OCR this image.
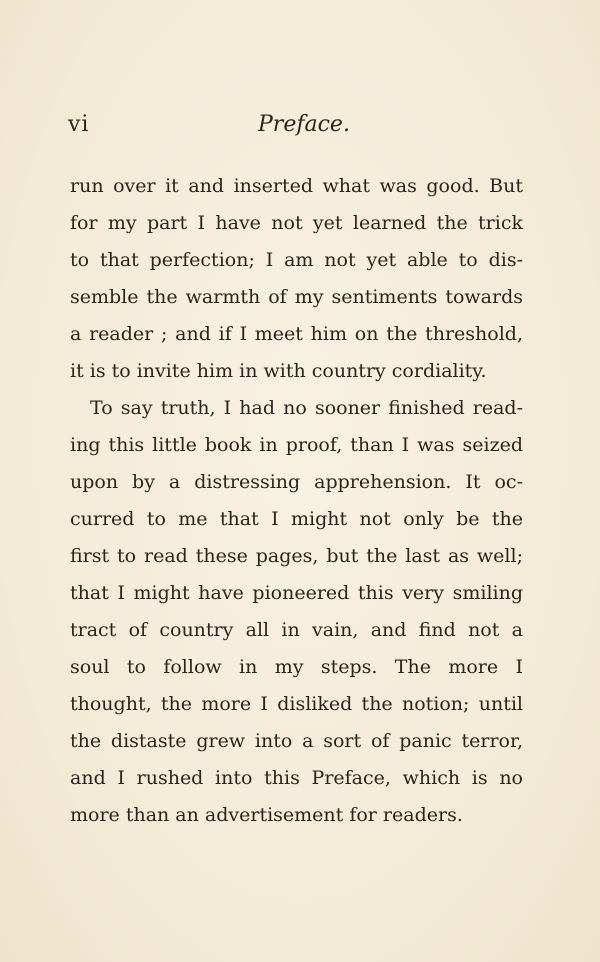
vi	Preface.

run over it and inserted what was good. But
for my part I have not yet learned the trick
to that perfection; I am not yet able to dis-
semble the warmth of my sentiments towards
a reader ; and if I meet him on the threshold,
it is to invite him in with country cordiality.

To say truth, I had no sooner finished read-
ing this little book in proof, than I was seized
upon by a distressing apprehension. It oc-
curred to me that I might not only be the
first to read these pages, but the last as well;
that I might have pioneered this very smiling
tract of country all in vain, and find not a
soul to follow in my steps. The more I
thought, the more I disliked the notion; until
the distaste grew into a sort of panic terror,
and I rushed into this Preface, which is no
more than an advertisement for readers.
